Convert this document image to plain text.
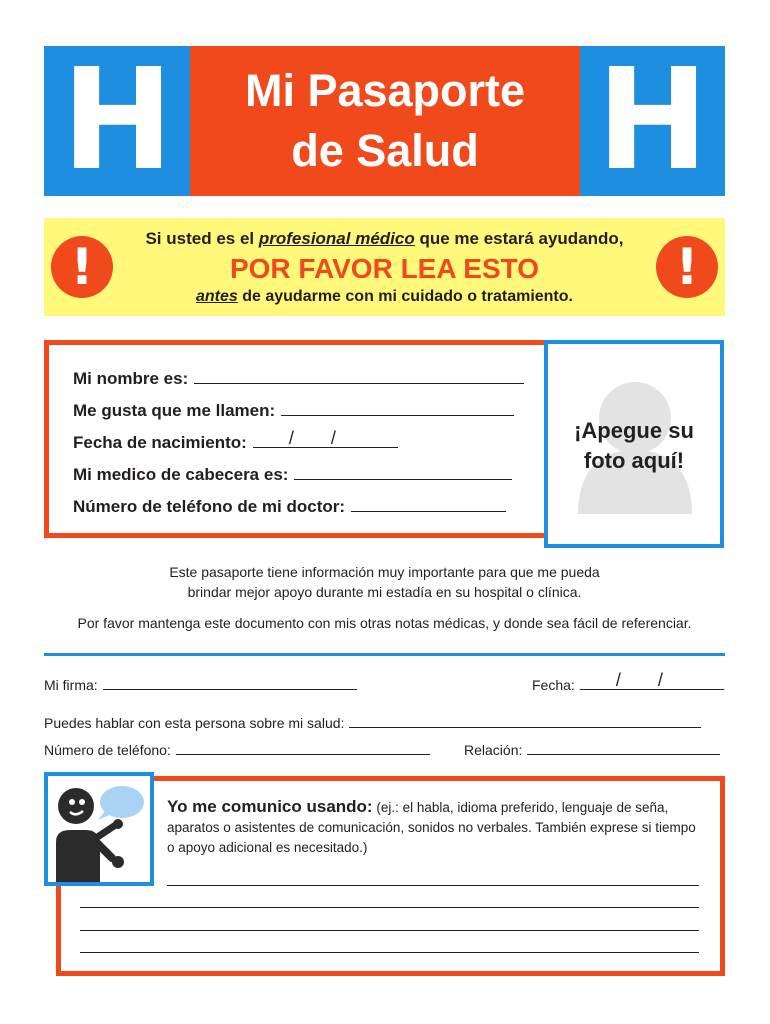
H Mi Pasaporte
de Salud H
!	!
Si usted es el profesional médico que me estará ayudando,
POR FAVOR LEA ESTO
antes de ayudarme con mi cuidado o tratamiento.
Mi nombre es:
Me gusta que me llamen:
Fecha de nacimiento: / /
Mi medico de cabecera es:
Número de teléfono de mi doctor:
¡Apegue su
foto aquí!
Este pasaporte tiene información muy importante para que me pueda
brindar mejor apoyo durante mi estadía en su hospital o clínica.
Por favor mantenga este documento con mis otras notas médicas, y donde sea fácil de referenciar.
Mi firma:	Fecha: / /
Puedes hablar con esta persona sobre mi salud:
Número de teléfono:	Relación:
Yo me comunico usando: (ej.: el habla, idioma preferido, lenguaje de seña, aparatos o asistentes de comunicación, sonidos no verbales. También exprese si tiempo o apoyo adicional es necesitado.)
